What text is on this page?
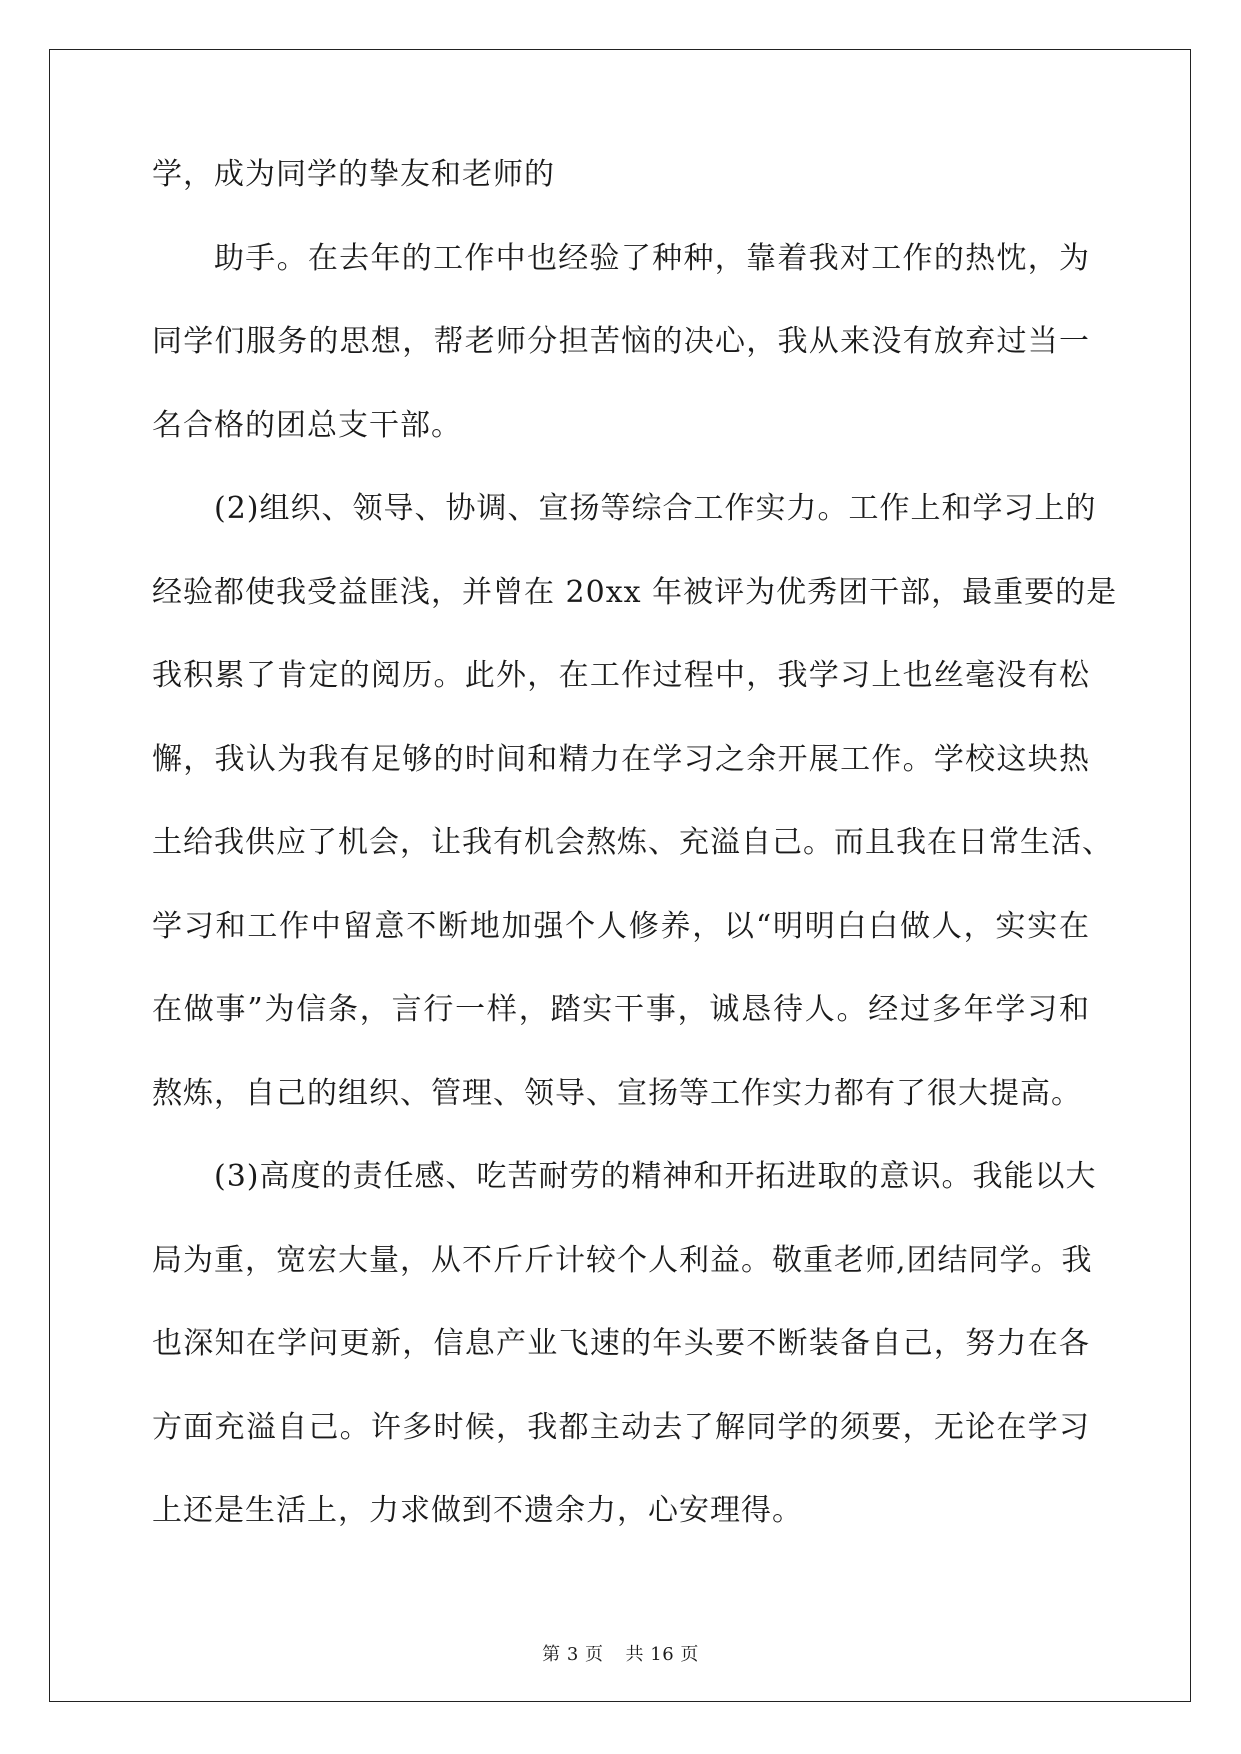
学，成为同学的挚友和老师的
助手。在去年的工作中也经验了种种，靠着我对工作的热忱，为
同学们服务的思想，帮老师分担苦恼的决心，我从来没有放弃过当一
名合格的团总支干部。
(2)组织、领导、协调、宣扬等综合工作实力。工作上和学习上的
经验都使我受益匪浅，并曾在 20xx 年被评为优秀团干部，最重要的是
我积累了肯定的阅历。此外，在工作过程中，我学习上也丝毫没有松
懈，我认为我有足够的时间和精力在学习之余开展工作。学校这块热
土给我供应了机会，让我有机会熬炼、充溢自己。而且我在日常生活、
学习和工作中留意不断地加强个人修养，以“明明白白做人，实实在
在做事”为信条，言行一样，踏实干事，诚恳待人。经过多年学习和
熬炼，自己的组织、管理、领导、宣扬等工作实力都有了很大提高。
(3)高度的责任感、吃苦耐劳的精神和开拓进取的意识。我能以大
局为重，宽宏大量，从不斤斤计较个人利益。敬重老师,团结同学。我
也深知在学问更新，信息产业飞速的年头要不断装备自己，努力在各
方面充溢自己。许多时候，我都主动去了解同学的须要，无论在学习
上还是生活上，力求做到不遗余力，心安理得。
第 3 页 共 16 页
